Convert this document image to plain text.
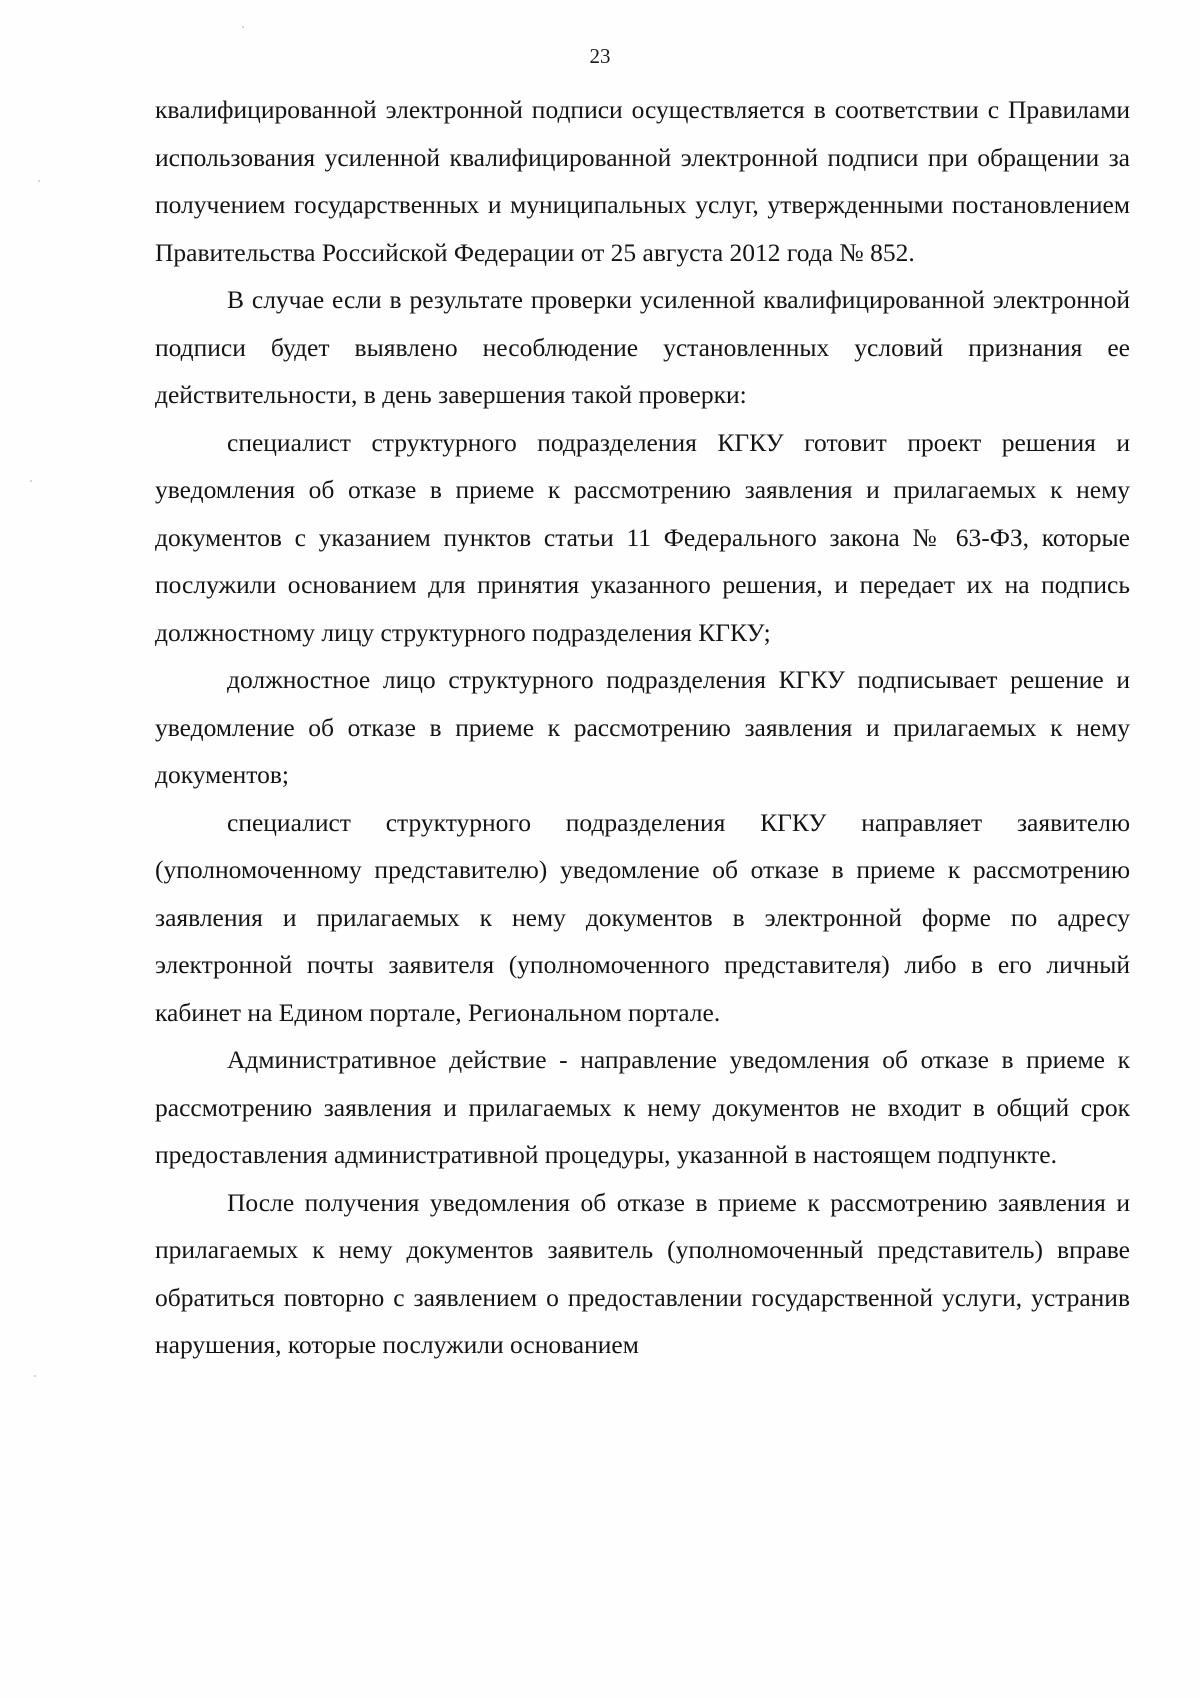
23

квалифицированной электронной подписи осуществляется в соответствии с Правилами использования усиленной квалифицированной электронной подписи при обращении за получением государственных и муниципальных услуг, утвержденными постановлением Правительства Российской Федерации от 25 августа 2012 года № 852.

В случае если в результате проверки усиленной квалифицированной электронной подписи будет выявлено несоблюдение установленных условий признания ее действительности, в день завершения такой проверки:

специалист структурного подразделения КГКУ готовит проект решения и уведомления об отказе в приеме к рассмотрению заявления и прилагаемых к нему документов с указанием пунктов статьи 11 Федерального закона № 63-ФЗ, которые послужили основанием для принятия указанного решения, и передает их на подпись должностному лицу структурного подразделения КГКУ;

должностное лицо структурного подразделения КГКУ подписывает решение и уведомление об отказе в приеме к рассмотрению заявления и прилагаемых к нему документов;

специалист структурного подразделения КГКУ направляет заявителю (уполномоченному представителю) уведомление об отказе в приеме к рассмотрению заявления и прилагаемых к нему документов в электронной форме по адресу электронной почты заявителя (уполномоченного представителя) либо в его личный кабинет на Едином портале, Региональном портале.

Административное действие - направление уведомления об отказе в приеме к рассмотрению заявления и прилагаемых к нему документов не входит в общий срок предоставления административной процедуры, указанной в настоящем подпункте.

После получения уведомления об отказе в приеме к рассмотрению заявления и прилагаемых к нему документов заявитель (уполномоченный представитель) вправе обратиться повторно с заявлением о предоставлении государственной услуги, устранив нарушения, которые послужили основанием
